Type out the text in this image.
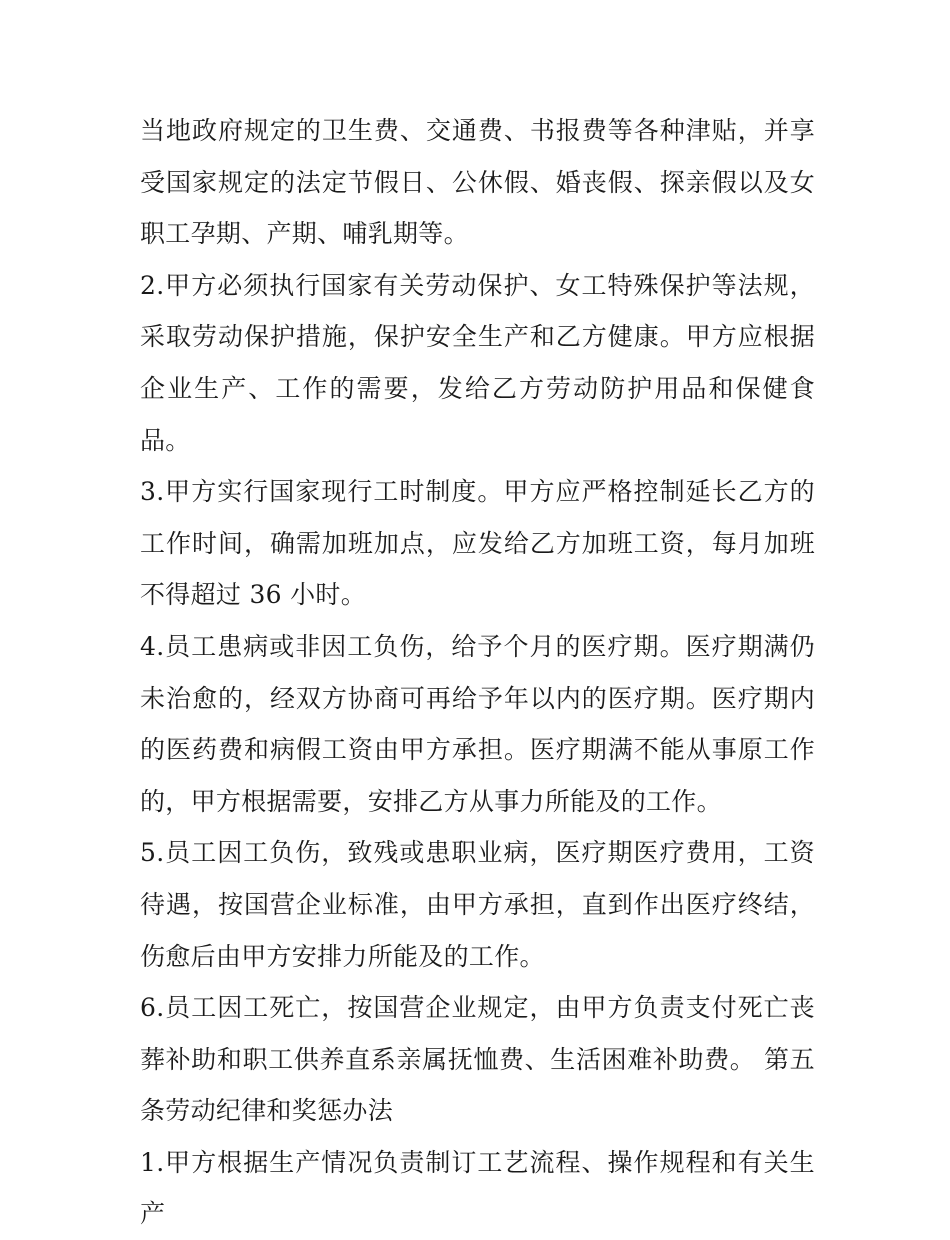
当地政府规定的卫生费、交通费、书报费等各种津贴，并享受国家规定的法定节假日、公休假、婚丧假、探亲假以及女职工孕期、产期、哺乳期等。

2.甲方必须执行国家有关劳动保护、女工特殊保护等法规，采取劳动保护措施，保护安全生产和乙方健康。甲方应根据企业生产、工作的需要，发给乙方劳动防护用品和保健食品。

3.甲方实行国家现行工时制度。甲方应严格控制延长乙方的工作时间，确需加班加点，应发给乙方加班工资，每月加班不得超过 36 小时。

4.员工患病或非因工负伤，给予个月的医疗期。医疗期满仍未治愈的，经双方协商可再给予年以内的医疗期。医疗期内的医药费和病假工资由甲方承担。医疗期满不能从事原工作的，甲方根据需要，安排乙方从事力所能及的工作。

5.员工因工负伤，致残或患职业病，医疗期医疗费用，工资待遇，按国营企业标准，由甲方承担，直到作出医疗终结，伤愈后由甲方安排力所能及的工作。

6.员工因工死亡，按国营企业规定，由甲方负责支付死亡丧葬补助和职工供养直系亲属抚恤费、生活困难补助费。 第五条劳动纪律和奖惩办法

1.甲方根据生产情况负责制订工艺流程、操作规程和有关生产
